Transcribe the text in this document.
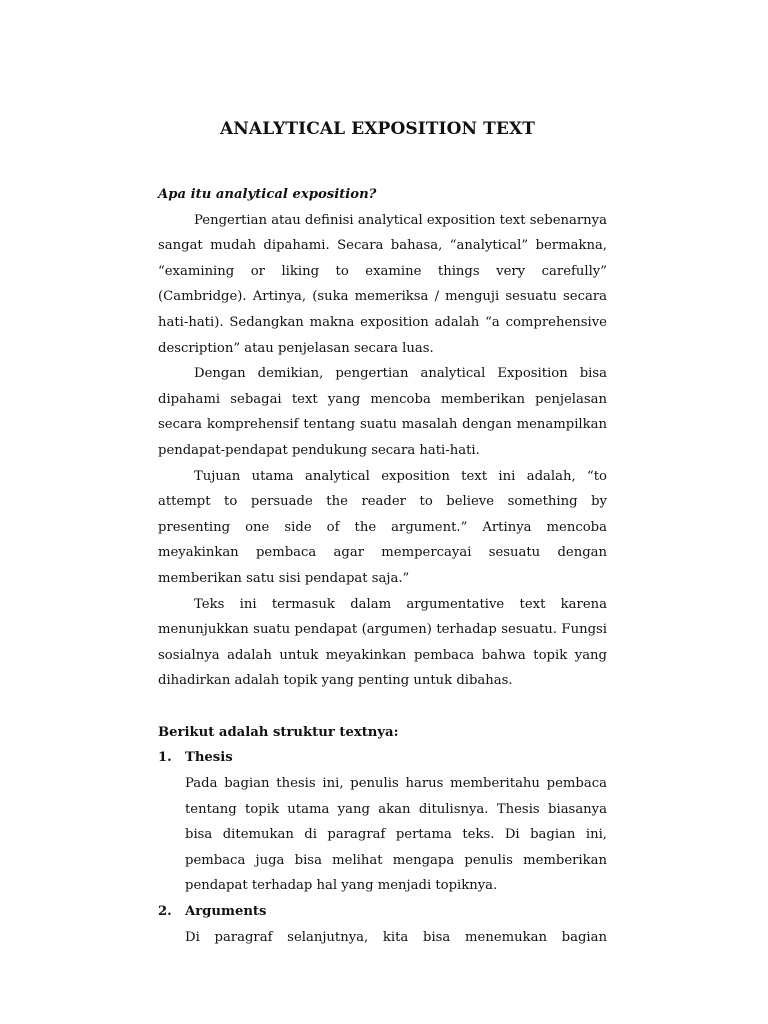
ANALYTICAL EXPOSITION TEXT
Apa itu analytical exposition?

Pengertian atau definisi analytical exposition text sebenarnya sangat mudah dipahami. Secara bahasa, “analytical” bermakna, “examining or liking to examine things very carefully” (Cambridge). Artinya, (suka memeriksa / menguji sesuatu secara hati-hati). Sedangkan makna exposition adalah “a comprehensive description” atau penjelasan secara luas.

Dengan demikian, pengertian analytical Exposition bisa dipahami sebagai text yang mencoba memberikan penjelasan secara komprehensif tentang suatu masalah dengan menampilkan pendapat-pendapat pendukung secara hati-hati.

Tujuan utama analytical exposition text ini adalah, “to attempt to persuade the reader to believe something by presenting one side of the argument.” Artinya mencoba meyakinkan pembaca agar mempercayai sesuatu dengan memberikan satu sisi pendapat saja.”

Teks ini termasuk dalam argumentative text karena menunjukkan suatu pendapat (argumen) terhadap sesuatu. Fungsi sosialnya adalah untuk meyakinkan pembaca bahwa topik yang dihadirkan adalah topik yang penting untuk dibahas.

Berikut adalah struktur textnya:
1. Thesis
Pada bagian thesis ini, penulis harus memberitahu pembaca tentang topik utama yang akan ditulisnya. Thesis biasanya bisa ditemukan di paragraf pertama teks. Di bagian ini, pembaca juga bisa melihat mengapa penulis memberikan pendapat terhadap hal yang menjadi topiknya.
2. Arguments
Di paragraf selanjutnya, kita bisa menemukan bagian
